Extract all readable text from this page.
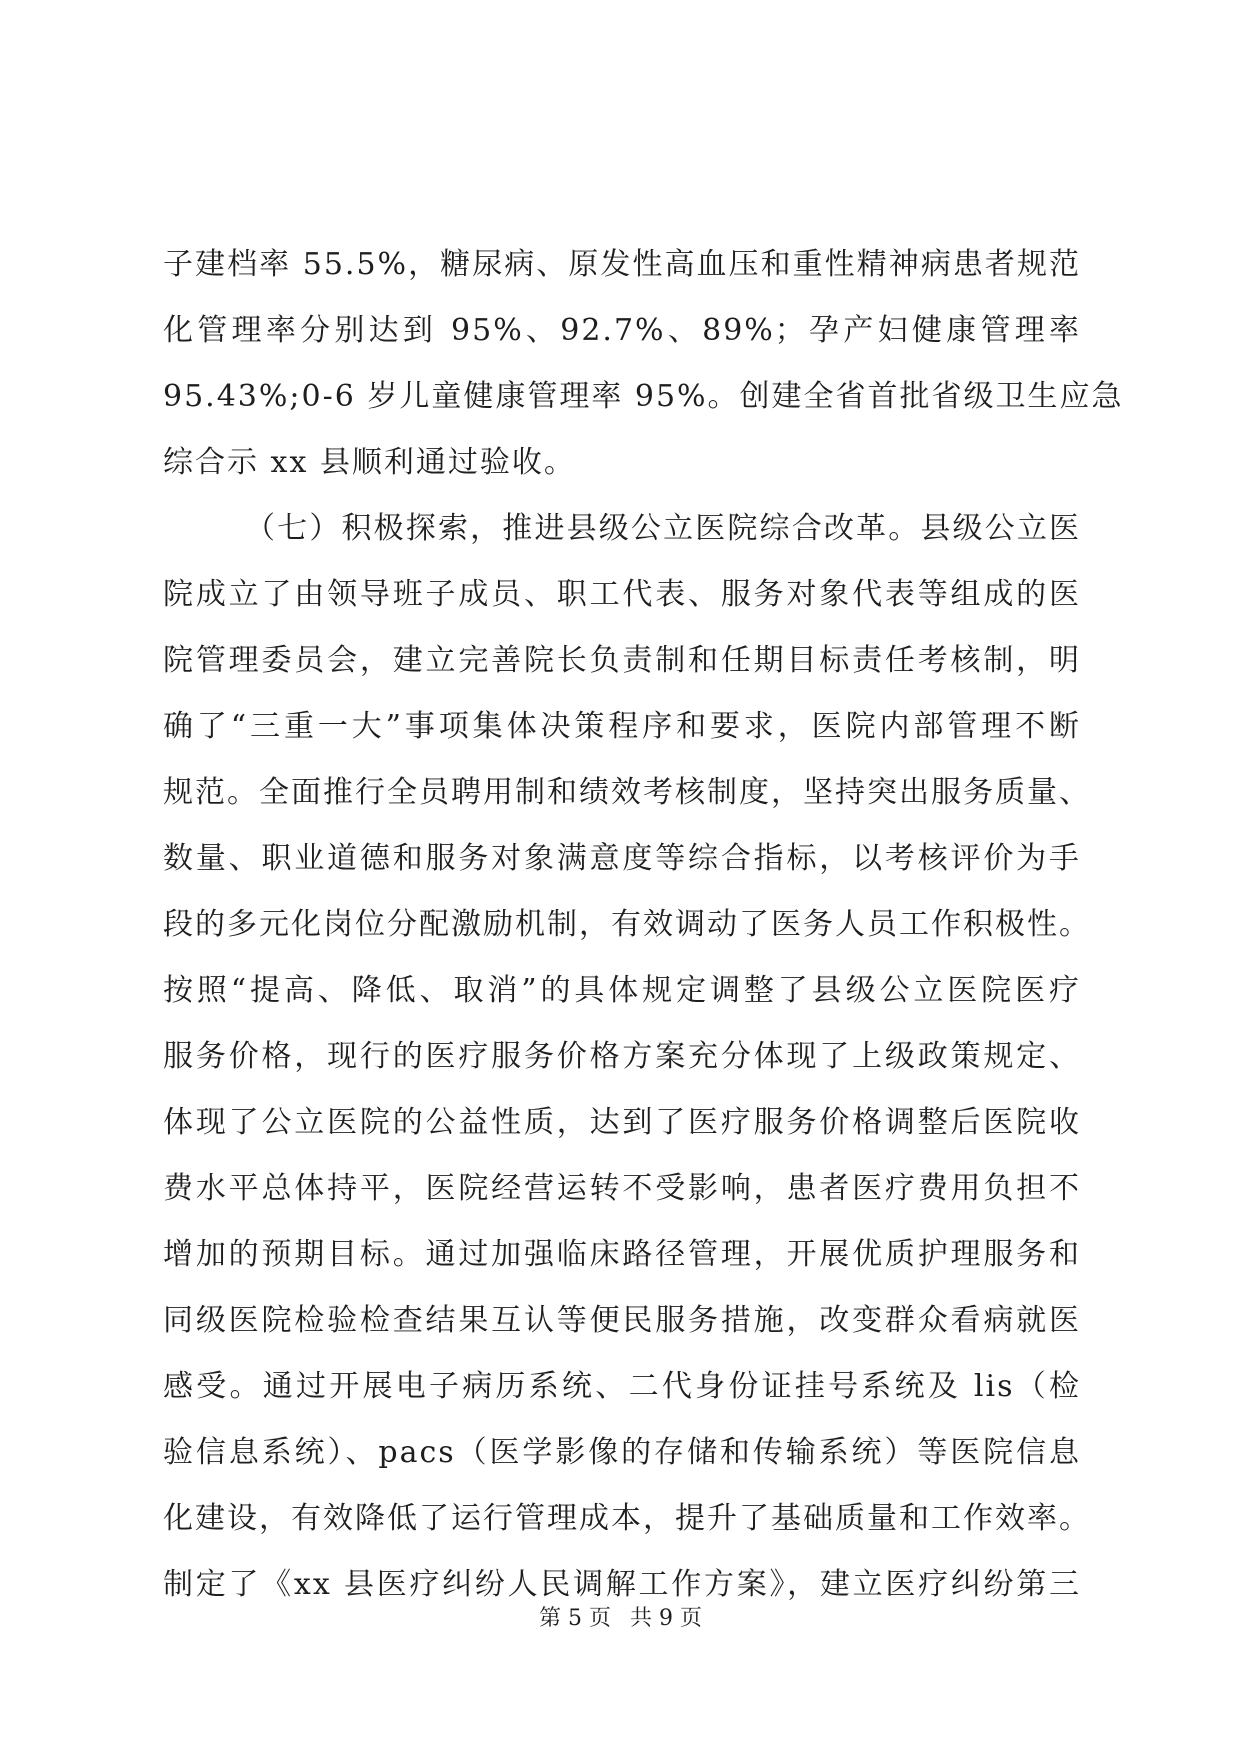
子建档率 55.5%，糖尿病、原发性高血压和重性精神病患者规范
化管理率分别达到 95%、92.7%、89%；孕产妇健康管理率
95.43%;0-6 岁儿童健康管理率 95%。创建全省首批省级卫生应急
综合示 xx 县顺利通过验收。
（七）积极探索，推进县级公立医院综合改革。县级公立医
院成立了由领导班子成员、职工代表、服务对象代表等组成的医
院管理委员会，建立完善院长负责制和任期目标责任考核制，明
确了“三重一大”事项集体决策程序和要求，医院内部管理不断
规范。全面推行全员聘用制和绩效考核制度，坚持突出服务质量、
数量、职业道德和服务对象满意度等综合指标，以考核评价为手
段的多元化岗位分配激励机制，有效调动了医务人员工作积极性。
按照“提高、降低、取消”的具体规定调整了县级公立医院医疗
服务价格，现行的医疗服务价格方案充分体现了上级政策规定、
体现了公立医院的公益性质，达到了医疗服务价格调整后医院收
费水平总体持平，医院经营运转不受影响，患者医疗费用负担不
增加的预期目标。通过加强临床路径管理，开展优质护理服务和
同级医院检验检查结果互认等便民服务措施，改变群众看病就医
感受。通过开展电子病历系统、二代身份证挂号系统及 lis（检
验信息系统）、pacs（医学影像的存储和传输系统）等医院信息
化建设，有效降低了运行管理成本，提升了基础质量和工作效率。
制定了《xx 县医疗纠纷人民调解工作方案》，建立医疗纠纷第三
第 5 页 共 9 页
